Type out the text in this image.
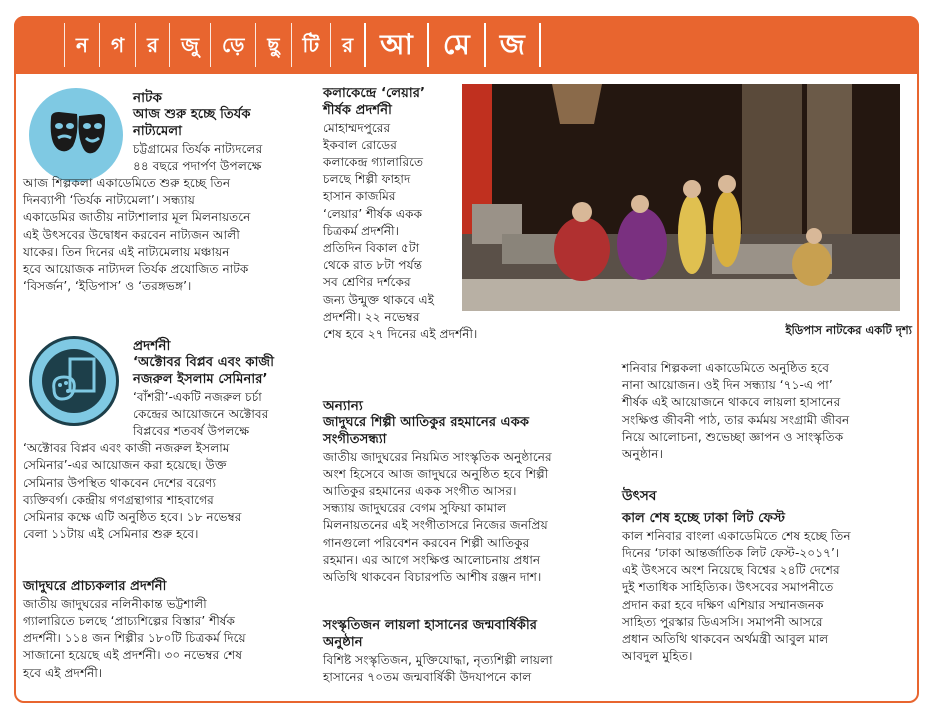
ন	গ	র	জু	ড়ে	ছু	টি	র আ	মে	জ

নাটক

আজ শুরু হচ্ছে তির্যক

নাট্যমেলা

চট্টগ্রামের তির্যক নাট্যদলের

৪৪ বছরে পদার্পণ উপলক্ষে

আজ শিল্পকলা একাডেমিতে শুরু হচ্ছে তিন

দিনব্যাপী ‘তির্যক নাট্যমেলা’। সন্ধ্যায়

একাডেমির জাতীয় নাট্যশালার মূল মিলনায়তনে

এই উৎসবের উদ্বোধন করবেন নাট্যজন আলী

যাকের। তিন দিনের এই নাট্যমেলায় মঞ্চায়ন

হবে আয়োজক নাট্যদল তির্যক প্রযোজিত নাটক

‘বিসর্জন’, ‘ইডিপাস’ ও ‘তরঙ্গভঙ্গ’।

প্রদর্শনী

‘অক্টোবর বিপ্লব এবং কাজী

নজরুল ইসলাম সেমিনার’

‘বাঁশরী’-একটি নজরুল চর্চা

কেন্দ্রের আয়োজনে অক্টোবর

বিপ্লবের শতবর্ষ উপলক্ষে

‘অক্টোবর বিপ্লব এবং কাজী নজরুল ইসলাম

সেমিনার’-এর আয়োজন করা হয়েছে। উক্ত

সেমিনার উপস্থিত থাকবেন দেশের বরেণ্য

ব্যক্তিবর্গ। কেন্দ্রীয় গণগ্রন্থাগার শাহবাগের

সেমিনার কক্ষে এটি অনুষ্ঠিত হবে। ১৮ নভেম্বর

বেলা ১১টায় এই সেমিনার শুরু হবে।

জাদুঘরে প্রাচ্যকলার প্রদর্শনী

জাতীয় জাদুঘরের নলিনীকান্ত ভট্টশালী

গ্যালারিতে চলছে ‘প্রাচ্যশিল্পের বিস্তার’ শীর্ষক

প্রদর্শনী। ১১৪ জন শিল্পীর ১৮০টি চিত্রকর্ম দিয়ে

সাজানো হয়েছে এই প্রদর্শনী। ৩০ নভেম্বর শেষ

হবে এই প্রদর্শনী।

কলাকেন্দ্রে ‘লেয়ার’

শীর্ষক প্রদর্শনী

মোহাম্মদপুরের

ইকবাল রোডের

কলাকেন্দ্র গ্যালারিতে

চলছে শিল্পী ফাহাদ

হাসান কাজমির

‘লেয়ার’ শীর্ষক একক

চিত্রকর্ম প্রদর্শনী।

প্রতিদিন বিকাল ৫টা

থেকে রাত ৮টা পর্যন্ত

সব শ্রেণির দর্শকের

জন্য উন্মুক্ত থাকবে এই

প্রদর্শনী। ২২ নভেম্বর

শেষ হবে ২৭ দিনের এই প্রদর্শনী।

অন্যান্য

জাদুঘরে শিল্পী আতিকুর রহমানের একক

সংগীতসন্ধ্যা

জাতীয় জাদুঘরের নিয়মিত সাংস্কৃতিক অনুষ্ঠানের

অংশ হিসেবে আজ জাদুঘরে অনুষ্ঠিত হবে শিল্পী

আতিকুর রহমানের একক সংগীত আসর।

সন্ধ্যায় জাদুঘরের বেগম সুফিয়া কামাল

মিলনায়তনের এই সংগীতাসরে নিজের জনপ্রিয়

গানগুলো পরিবেশন করবেন শিল্পী আতিকুর

রহমান। এর আগে সংক্ষিপ্ত আলোচনায় প্রধান

অতিথি থাকবেন বিচারপতি আশীষ রঞ্জন দাশ।

সংস্কৃতিজন লায়লা হাসানের জন্মবার্ষিকীর

অনুষ্ঠান

বিশিষ্ট সংস্কৃতিজন, মুক্তিযোদ্ধা, নৃত্যশিল্পী লায়লা

হাসানের ৭০তম জন্মবার্ষিকী উদযাপনে কাল

ইডিপাস নাটকের একটি দৃশ্য

শনিবার শিল্পকলা একাডেমিতে অনুষ্ঠিত হবে

নানা আয়োজন। ওই দিন সন্ধ্যায় ‘৭১-এ পা’

শীর্ষক এই আয়োজনে থাকবে লায়লা হাসানের

সংক্ষিপ্ত জীবনী পাঠ, তার কর্মময় সংগ্রামী জীবন

নিয়ে আলোচনা, শুভেচ্ছা জ্ঞাপন ও সাংস্কৃতিক

অনুষ্ঠান।

উৎসব

কাল শেষ হচ্ছে ঢাকা লিট ফেস্ট

কাল শনিবার বাংলা একাডেমিতে শেষ হচ্ছে তিন

দিনের ‘ঢাকা আন্তর্জাতিক লিট ফেস্ট-২০১৭’।

এই উৎসবে অংশ নিয়েছে বিশ্বের ২৪টি দেশের

দুই শতাধিক সাহিত্যিক। উৎসবের সমাপনীতে

প্রদান করা হবে দক্ষিণ এশিয়ার সম্মানজনক

সাহিত্য পুরস্কার ডিএসসি। সমাপনী আসরে

প্রধান অতিথি থাকবেন অর্থমন্ত্রী আবুল মাল

আবদুল মুহিত।
